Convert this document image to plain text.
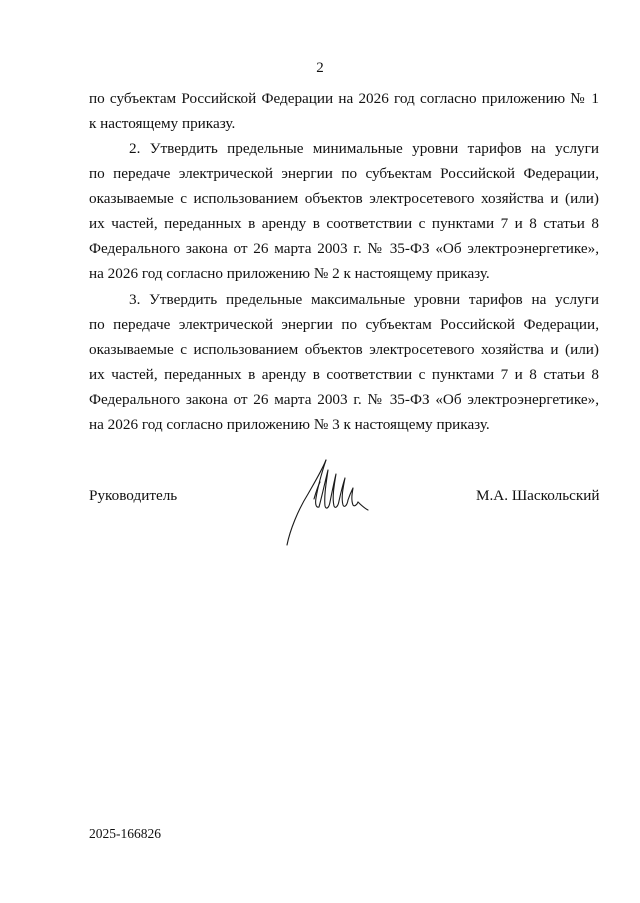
2
по субъектам Российской Федерации на 2026 год согласно приложению № 1
к настоящему приказу.
2. Утвердить предельные минимальные уровни тарифов на услуги
по передаче электрической энергии по субъектам Российской Федерации,
оказываемые с использованием объектов электросетевого хозяйства и (или)
их частей, переданных в аренду в соответствии с пунктами 7 и 8 статьи 8
Федерального закона от 26 марта 2003 г. № 35-ФЗ «Об электроэнергетике»,
на 2026 год согласно приложению № 2 к настоящему приказу.
3. Утвердить предельные максимальные уровни тарифов на услуги
по передаче электрической энергии по субъектам Российской Федерации,
оказываемые с использованием объектов электросетевого хозяйства и (или)
их частей, переданных в аренду в соответствии с пунктами 7 и 8 статьи 8
Федерального закона от 26 марта 2003 г. № 35-ФЗ «Об электроэнергетике»,
на 2026 год согласно приложению № 3 к настоящему приказу.
Руководитель	М.А. Шаскольский
2025-166826
